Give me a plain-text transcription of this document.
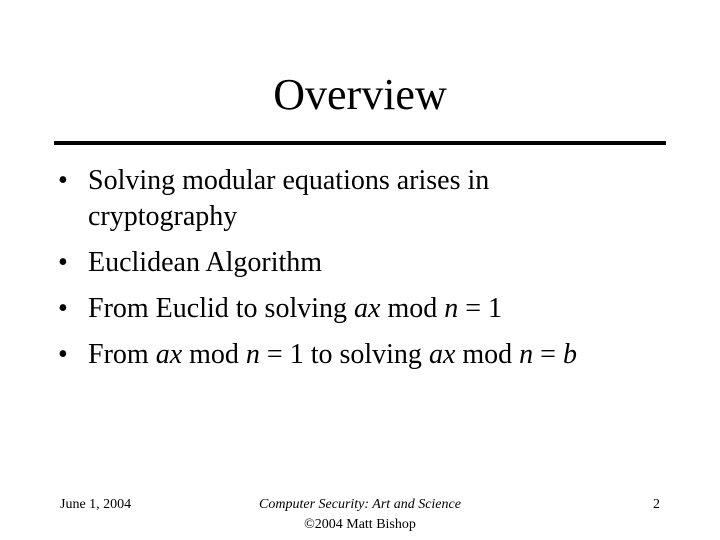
Overview
• Solving modular equations arises in
cryptography
• Euclidean Algorithm
• From Euclid to solving ax mod n = 1
• From ax mod n = 1 to solving ax mod n = b
June 1, 2004	Computer Security: Art and Science
©2004 Matt Bishop
2
